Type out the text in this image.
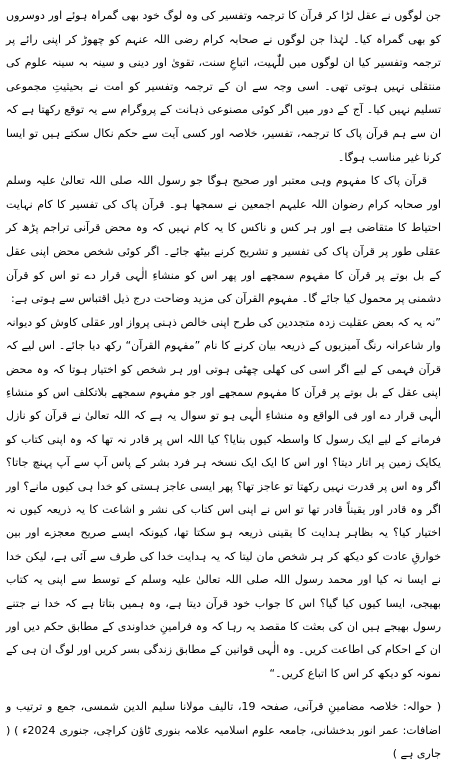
جن لوگوں نے عقل لڑا کر قرآن کا ترجمہ وتفسیر کی وہ لوگ خود بھی گمراہ ہوئے اور دوسروں کو بھی گمراہ کیا۔ لہٰذا جن لوگوں نے صحابہ کرام رضی اللہ عنہم کو چھوڑ کر اپنی رائے پر ترجمہ وتفسیر کیا ان لوگوں میں للّٰہیت، اتباعِ سنت، تقویٰ اور دینی و سینہ بہ سینہ علوم کی منتقلی نہیں ہوتی تھی۔ اسی وجہ سے ان کے ترجمہ وتفسیر کو امت نے بحیثیتِ مجموعی تسلیم نہیں کیا۔ آج کے دور میں اگر کوئی مصنوعی ذہانت کے پروگرام سے یہ توقع رکھتا ہے کہ ان سے ہم قرآن پاک کا ترجمہ، تفسیر، خلاصہ اور کسی آیت سے حکم نکال سکتے ہیں تو ایسا کرنا غیر مناسب ہوگا۔

قرآن پاک کا مفہوم وہی معتبر اور صحیح ہوگا جو رسول اللہ صلی اللہ تعالیٰ علیہ وسلم اور صحابہ کرام رضوان اللہ علیہم اجمعین نے سمجھا ہو۔ قرآن پاک کی تفسیر کا کام نہایت احتیاط کا متقاضی ہے اور ہر کس و ناکس کا یہ کام نہیں کہ وہ محض قرآنی تراجم پڑھ کر عقلی طور پر قرآن پاک کی تفسیر و تشریح کرنے بیٹھ جائے۔ اگر کوئی شخص محض اپنی عقل کے بل بوتے پر قرآن کا مفہوم سمجھے اور پھر اس کو منشاءِ الٰہی قرار دے تو اس کو قرآن دشمنی پر محمول کیا جائے گا۔ مفہوم القرآن کی مزید وضاحت درج ذیل اقتباس سے ہوتی ہے:

”نہ یہ کہ بعض عقلیت زدہ متجددین کی طرح اپنی خالص ذہنی پرواز اور عقلی کاوش کو دیوانہ وار شاعرانہ رنگ آمیزیوں کے ذریعہ بیان کرنے کا نام ”مفہوم القرآن“ رکھ دیا جائے۔ اس لیے کہ قرآن فہمی کے لیے اگر اسی کی کھلی چھٹی ہوتی اور ہر شخص کو اختیار ہوتا کہ وہ محض اپنی عقل کے بل بوتے پر قرآن کا مفہوم سمجھے اور جو مفہوم سمجھے بلاتکلف اس کو منشاءِ الٰہی قرار دے اور فی الواقع وہ منشاءِ الٰہی ہو تو سوال یہ ہے کہ اللہ تعالیٰ نے قرآن کو نازل فرمانے کے لیے ایک رسول کا واسطہ کیوں بنایا؟ کیا اللہ اس پر قادر نہ تھا کہ وہ اپنی کتاب کو یکایک زمین پر اتار دیتا؟ اور اس کا ایک ایک نسخہ ہر فرد بشر کے پاس آپ سے آپ پہنچ جاتا؟ اگر وہ اس پر قدرت نہیں رکھتا تو عاجز تھا؟ پھر ایسی عاجز ہستی کو خدا ہی کیوں مانے؟ اور اگر وہ قادر اور یقیناً قادر تھا تو اس نے اپنی اس کتاب کی نشر و اشاعت کا یہ ذریعہ کیوں نہ اختیار کیا؟ یہ بظاہر ہدایت کا یقینی ذریعہ ہو سکتا تھا، کیونکہ ایسے صریح معجزے اور بین خوارقِ عادت کو دیکھ کر ہر شخص مان لیتا کہ یہ ہدایت خدا کی طرف سے آئی ہے، لیکن خدا نے ایسا نہ کیا اور محمد رسول اللہ صلی اللہ تعالیٰ علیہ وسلم کے توسط سے اپنی یہ کتاب بھیجی، ایسا کیوں کیا گیا؟ اس کا جواب خود قرآن دیتا ہے، وہ ہمیں بتاتا ہے کہ خدا نے جتنے رسول بھیجے ہیں ان کی بعثت کا مقصد یہ رہا کہ وہ فرامینِ خداوندی کے مطابق حکم دیں اور ان کے احکام کی اطاعت کریں۔ وہ الٰہی قوانین کے مطابق زندگی بسر کریں اور لوگ ان ہی کے نمونہ کو دیکھ کر اس کا اتباع کریں۔“

( حوالہ: خلاصہ مضامینِ قرآنی، صفحہ 19، تالیف مولانا سلیم الدین شمسی، جمع و ترتیب و اضافات: عمر انور بدخشانی، جامعہ علوم اسلامیہ علامہ بنوری ٹاؤن کراچی، جنوری 2024ء ) ( جاری ہے )
